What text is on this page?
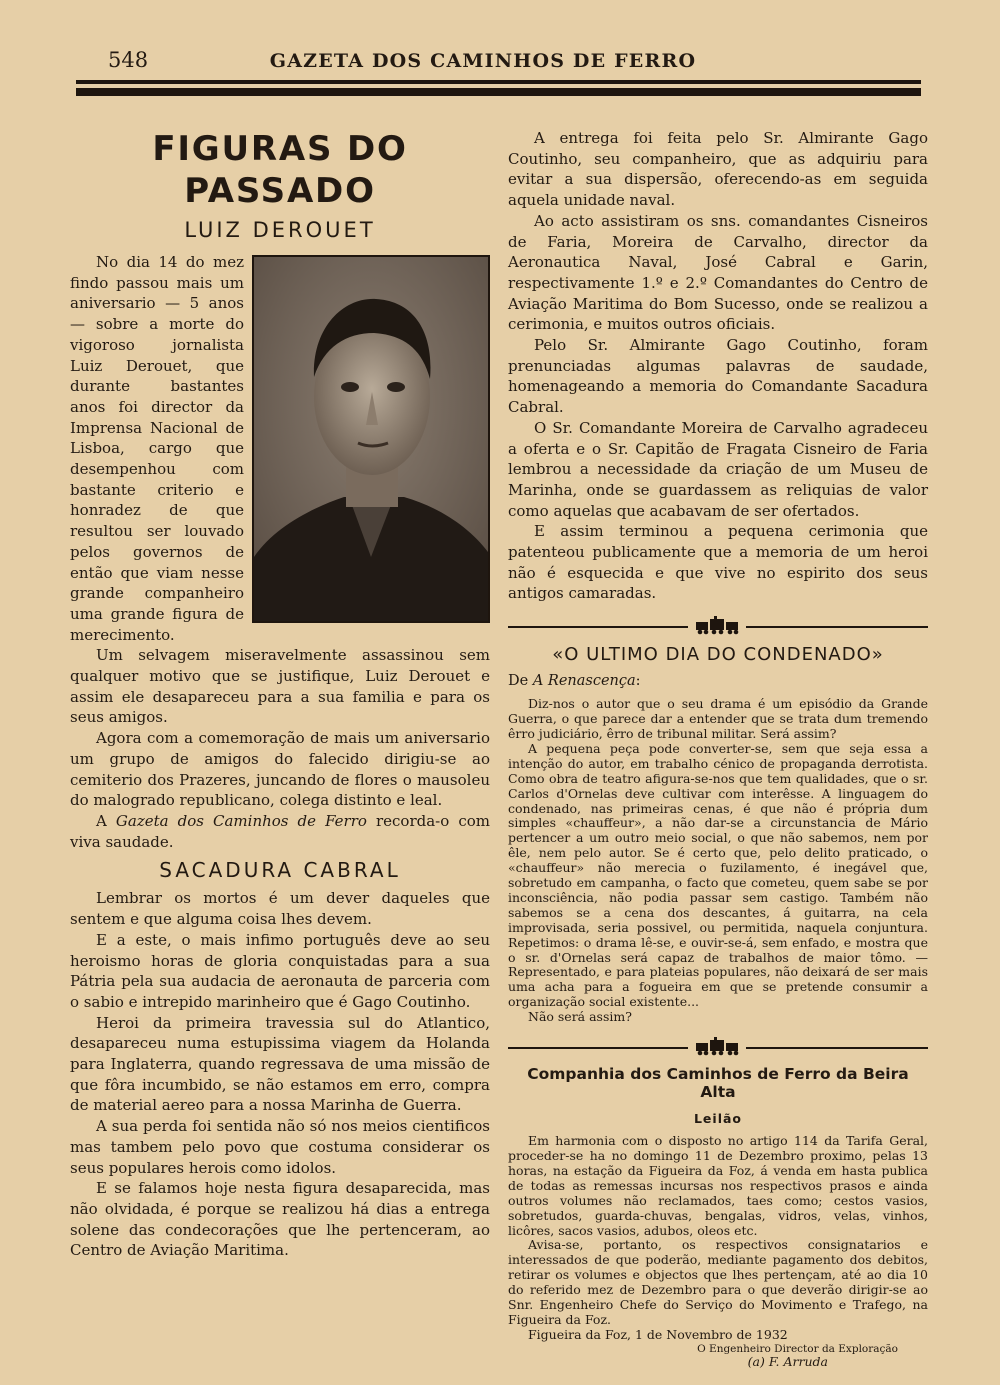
548	GAZETA DOS CAMINHOS DE FERRO
FIGURAS DO PASSADO
LUIZ DEROUET

No dia 14 do mez findo passou mais um aniversario — 5 anos — sobre a morte do vigoroso jornalista Luiz Derouet, que durante bastantes anos foi director da Imprensa Nacional de Lisboa, cargo que desempenhou com bastante criterio e honradez de que resultou ser louvado pelos governos de então que viam nesse grande companheiro uma grande figura de merecimento.

Um selvagem miseravelmente assassinou sem qualquer motivo que se justifique, Luiz Derouet e assim ele desapareceu para a sua familia e para os seus amigos.

Agora com a comemoração de mais um aniversario um grupo de amigos do falecido dirigiu-se ao cemiterio dos Prazeres, juncando de flores o mausoleu do malogrado republicano, colega distinto e leal.

A Gazeta dos Caminhos de Ferro recorda-o com viva saudade.

SACADURA CABRAL

Lembrar os mortos é um dever daqueles que sentem e que alguma coisa lhes devem.

E a este, o mais infimo português deve ao seu heroismo horas de gloria conquistadas para a sua Pátria pela sua audacia de aeronauta de parceria com o sabio e intrepido marinheiro que é Gago Coutinho.

Heroi da primeira travessia sul do Atlantico, desapareceu numa estupissima viagem da Holanda para Inglaterra, quando regressava de uma missão de que fôra incumbido, se não estamos em erro, compra de material aereo para a nossa Marinha de Guerra.

A sua perda foi sentida não só nos meios cientificos mas tambem pelo povo que costuma considerar os seus populares herois como idolos.

E se falamos hoje nesta figura desaparecida, mas não olvidada, é porque se realizou há dias a entrega solene das condecorações que lhe pertenceram, ao Centro de Aviação Maritima.

A entrega foi feita pelo Sr. Almirante Gago Coutinho, seu companheiro, que as adquiriu para evitar a sua dispersão, oferecendo-as em seguida aquela unidade naval.

Ao acto assistiram os sns. comandantes Cisneiros de Faria, Moreira de Carvalho, director da Aeronautica Naval, José Cabral e Garin, respectivamente 1.º e 2.º Comandantes do Centro de Aviação Maritima do Bom Sucesso, onde se realizou a cerimonia, e muitos outros oficiais.

Pelo Sr. Almirante Gago Coutinho, foram prenunciadas algumas palavras de saudade, homenageando a memoria do Comandante Sacadura Cabral.

O Sr. Comandante Moreira de Carvalho agradeceu a oferta e o Sr. Capitão de Fragata Cisneiro de Faria lembrou a necessidade da criação de um Museu de Marinha, onde se guardassem as reliquias de valor como aquelas que acabavam de ser ofertados.

E assim terminou a pequena cerimonia que patenteou publicamente que a memoria de um heroi não é esquecida e que vive no espirito dos seus antigos camaradas.

«O ULTIMO DIA DO CONDENADO»

De A Renascença:

Diz-nos o autor que o seu drama é um episódio da Grande Guerra, o que parece dar a entender que se trata dum tremendo êrro judiciário, êrro de tribunal militar. Será assim?

A pequena peça pode converter-se, sem que seja essa a intenção do autor, em trabalho cénico de propaganda derrotista. Como obra de teatro afigura-se-nos que tem qualidades, que o sr. Carlos d'Ornelas deve cultivar com interêsse. A linguagem do condenado, nas primeiras cenas, é que não é própria dum simples «chauffeur», a não dar-se a circunstancia de Mário pertencer a um outro meio social, o que não sabemos, nem por êle, nem pelo autor. Se é certo que, pelo delito praticado, o «chauffeur» não merecia o fuzilamento, é inegável que, sobretudo em campanha, o facto que cometeu, quem sabe se por inconsciência, não podia passar sem castigo. Também não sabemos se a cena dos descantes, á guitarra, na cela improvisada, seria possivel, ou permitida, naquela conjuntura. Repetimos: o drama lê-se, e ouvir-se-á, sem enfado, e mostra que o sr. d'Ornelas será capaz de trabalhos de maior tômo. — Representado, e para plateias populares, não deixará de ser mais uma acha para a fogueira em que se pretende consumir a organização social existente...

Não será assim?

Companhia dos Caminhos de Ferro da Beira Alta
Leilão

Em harmonia com o disposto no artigo 114 da Tarifa Geral, proceder-se ha no domingo 11 de Dezembro proximo, pelas 13 horas, na estação da Figueira da Foz, á venda em hasta publica de todas as remessas incursas nos respectivos prasos e ainda outros volumes não reclamados, taes como; cestos vasios, sobretudos, guarda-chuvas, bengalas, vidros, velas, vinhos, licôres, sacos vasios, adubos, oleos etc.

Avisa-se, portanto, os respectivos consignatarios e interessados de que poderão, mediante pagamento dos debitos, retirar os volumes e objectos que lhes pertençam, até ao dia 10 do referido mez de Dezembro para o que deverão dirigir-se ao Snr. Engenheiro Chefe do Serviço do Movimento e Trafego, na Figueira da Foz.

Figueira da Foz, 1 de Novembro de 1932

O Engenheiro Director da Exploração

(a) F. Arruda
